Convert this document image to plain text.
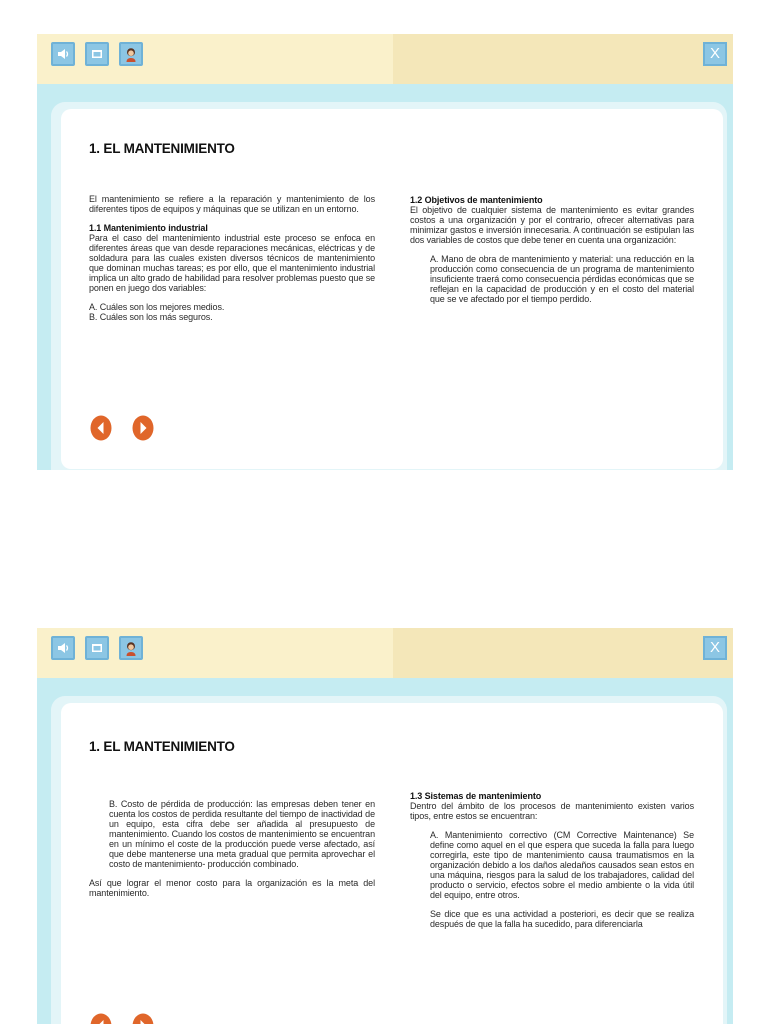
X
1. EL MANTENIMIENTO

El mantenimiento se refiere a la reparación y mantenimiento de los diferentes tipos de equipos y máquinas que se utilizan en un entorno.

1.1 Mantenimiento industrial

Para el caso del mantenimiento industrial este proceso se enfoca en diferentes áreas que van desde reparaciones mecánicas, eléctricas y de soldadura para las cuales existen diversos técnicos de mantenimiento que dominan muchas tareas; es por ello, que el mantenimiento industrial implica un alto grado de habilidad para resolver problemas puesto que se ponen en juego dos variables:

A. Cuáles son los mejores medios.

B. Cuáles son los más seguros.

1.2 Objetivos de mantenimiento

El objetivo de cualquier sistema de mantenimiento es evitar grandes costos a una organización y por el contrario, ofrecer alternativas para minimizar gastos e inversión innecesaria. A continuación se estipulan las dos variables de costos que debe tener en cuenta una organización:

A. Mano de obra de mantenimiento y material: una reducción en la producción como consecuencia de un programa de mantenimiento insuficiente traerá como consecuencia pérdidas económicas que se reflejan en la capacidad de producción y en el costo del material que se ve afectado por el tiempo perdido.

X
1. EL MANTENIMIENTO

B. Costo de pérdida de producción: las empresas deben tener en cuenta los costos de perdida resultante del tiempo de inactividad de un equipo, esta cifra debe ser añadida al presupuesto de mantenimiento. Cuando los costos de mantenimiento se encuentran en un mínimo el coste de la producción puede verse afectado, así que debe mantenerse una meta gradual que permita aprovechar el costo de mantenimiento- producción combinado.

Así que lograr el menor costo para la organización es la meta del mantenimiento.

1.3 Sistemas de mantenimiento

Dentro del ámbito de los procesos de mantenimiento existen varios tipos, entre estos se encuentran:

A. Mantenimiento correctivo (CM Corrective Maintenance) Se define como aquel en el que espera que suceda la falla para luego corregirla, este tipo de mantenimiento causa traumatismos en la organización debido a los daños aledaños causados sean estos en una máquina, riesgos para la salud de los trabajadores, calidad del producto o servicio, efectos sobre el medio ambiente o la vida útil del equipo, entre otros.

Se dice que es una actividad a posteriori, es decir que se realiza después de que la falla ha sucedido, para diferenciarla
